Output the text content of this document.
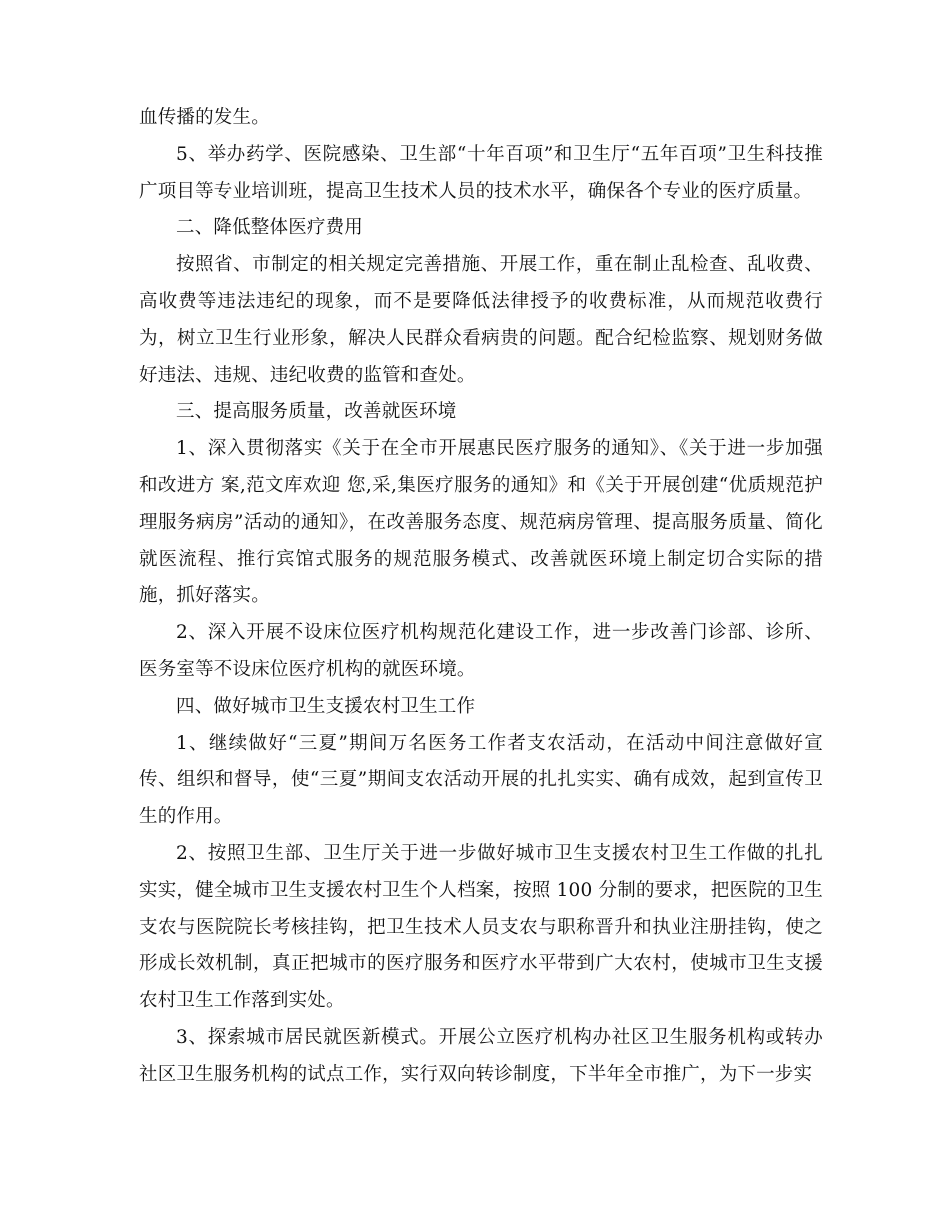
血传播的发生。

5、举办药学、医院感染、卫生部“十年百项”和卫生厅“五年百项”卫生科技推广项目等专业培训班，提高卫生技术人员的技术水平，确保各个专业的医疗质量。

二、降低整体医疗费用

按照省、市制定的相关规定完善措施、开展工作，重在制止乱检查、乱收费、高收费等违法违纪的现象，而不是要降低法律授予的收费标准，从而规范收费行为，树立卫生行业形象，解决人民群众看病贵的问题。配合纪检监察、规划财务做好违法、违规、违纪收费的监管和查处。

三、提高服务质量，改善就医环境

1、深入贯彻落实《关于在全市开展惠民医疗服务的通知》、《关于进一步加强和改进方 案,范文库欢迎 您,采,集医疗服务的通知》和《关于开展创建“优质规范护理服务病房”活动的通知》，在改善服务态度、规范病房管理、提高服务质量、简化就医流程、推行宾馆式服务的规范服务模式、改善就医环境上制定切合实际的措施，抓好落实。

2、深入开展不设床位医疗机构规范化建设工作，进一步改善门诊部、诊所、医务室等不设床位医疗机构的就医环境。

四、做好城市卫生支援农村卫生工作

1、继续做好“三夏”期间万名医务工作者支农活动，在活动中间注意做好宣传、组织和督导，使“三夏”期间支农活动开展的扎扎实实、确有成效，起到宣传卫生的作用。

2、按照卫生部、卫生厅关于进一步做好城市卫生支援农村卫生工作做的扎扎实实，健全城市卫生支援农村卫生个人档案，按照 100 分制的要求，把医院的卫生支农与医院院长考核挂钩，把卫生技术人员支农与职称晋升和执业注册挂钩，使之形成长效机制，真正把城市的医疗服务和医疗水平带到广大农村，使城市卫生支援农村卫生工作落到实处。

3、探索城市居民就医新模式。开展公立医疗机构办社区卫生服务机构或转办社区卫生服务机构的试点工作，实行双向转诊制度，下半年全市推广，为下一步实
